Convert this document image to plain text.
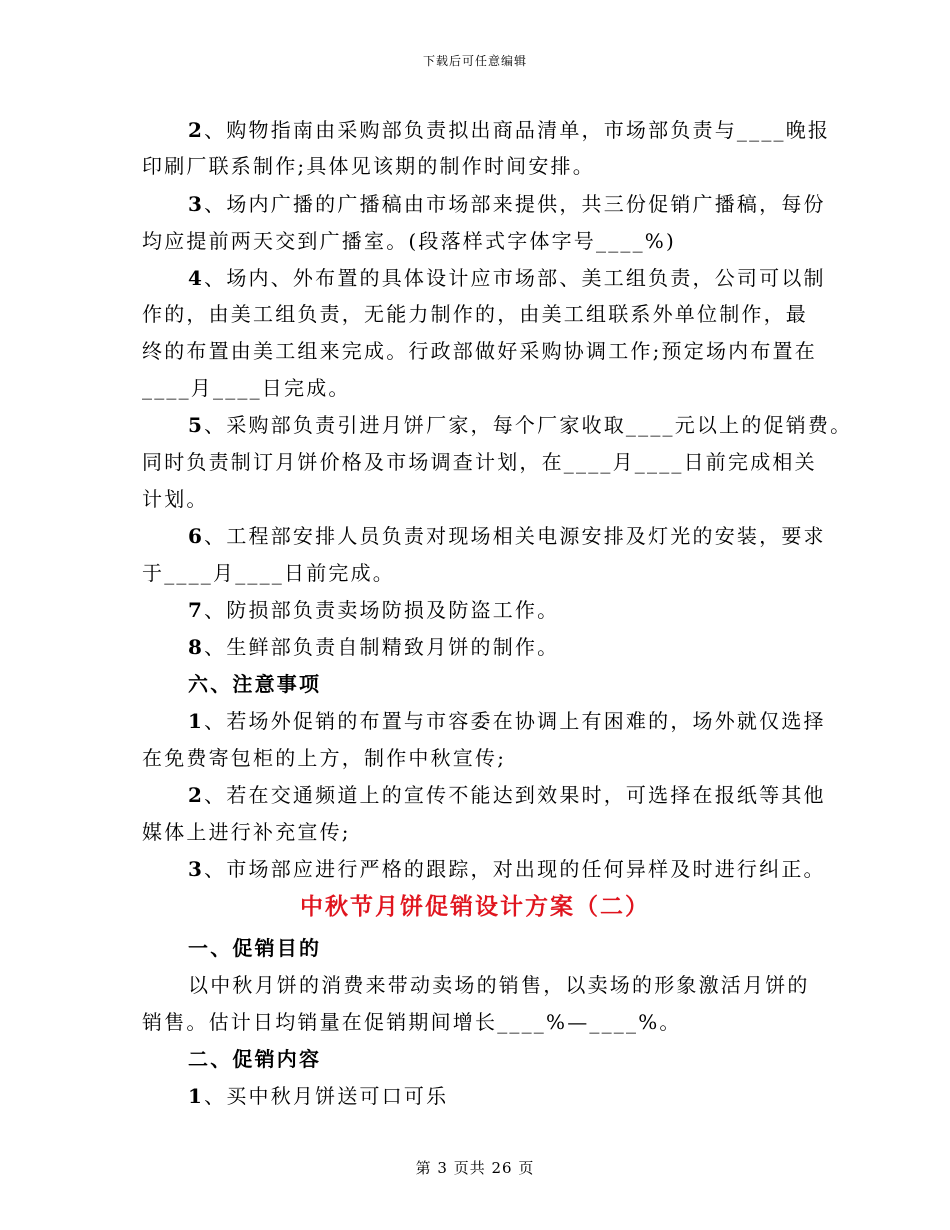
下载后可任意编辑
2、购物指南由采购部负责拟出商品清单，市场部负责与____晚报
印刷厂联系制作;具体见该期的制作时间安排。
3、场内广播的广播稿由市场部来提供，共三份促销广播稿，每份
均应提前两天交到广播室。(段落样式字体字号____%)
4、场内、外布置的具体设计应市场部、美工组负责，公司可以制
作的，由美工组负责，无能力制作的，由美工组联系外单位制作，最
终的布置由美工组来完成。行政部做好采购协调工作;预定场内布置在
____月____日完成。
5、采购部负责引进月饼厂家，每个厂家收取____元以上的促销费。
同时负责制订月饼价格及市场调查计划，在____月____日前完成相关
计划。
6、工程部安排人员负责对现场相关电源安排及灯光的安装，要求
于____月____日前完成。
7、防损部负责卖场防损及防盗工作。
8、生鲜部负责自制精致月饼的制作。
六、注意事项
1、若场外促销的布置与市容委在协调上有困难的，场外就仅选择
在免费寄包柜的上方，制作中秋宣传;
2、若在交通频道上的宣传不能达到效果时，可选择在报纸等其他
媒体上进行补充宣传;
3、市场部应进行严格的跟踪，对出现的任何异样及时进行纠正。
中秋节月饼促销设计方案（二）
一、促销目的
以中秋月饼的消费来带动卖场的销售，以卖场的形象激活月饼的
销售。估计日均销量在促销期间增长____%—____%。
二、促销内容
1、买中秋月饼送可口可乐
第 3 页共 26 页
